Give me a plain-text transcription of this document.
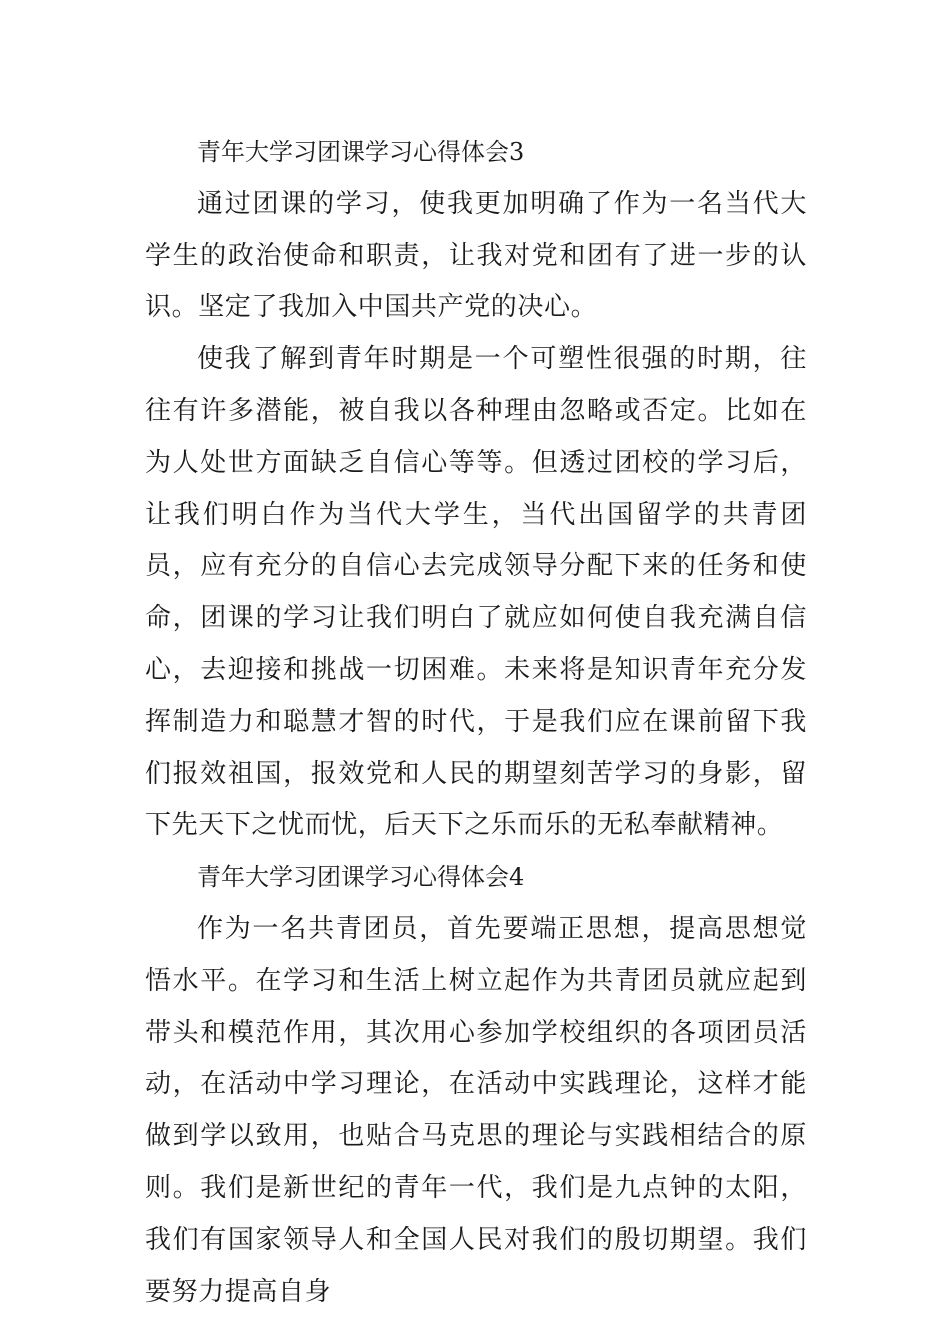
青年大学习团课学习心得体会3

通过团课的学习，使我更加明确了作为一名当代大学生的政治使命和职责，让我对党和团有了进一步的认识。坚定了我加入中国共产党的决心。

使我了解到青年时期是一个可塑性很强的时期，往往有许多潜能，被自我以各种理由忽略或否定。比如在为人处世方面缺乏自信心等等。但透过团校的学习后，让我们明白作为当代大学生，当代出国留学的共青团员，应有充分的自信心去完成领导分配下来的任务和使命，团课的学习让我们明白了就应如何使自我充满自信心，去迎接和挑战一切困难。未来将是知识青年充分发挥制造力和聪慧才智的时代，于是我们应在课前留下我们报效祖国，报效党和人民的期望刻苦学习的身影，留下先天下之忧而忧，后天下之乐而乐的无私奉献精神。

青年大学习团课学习心得体会4

作为一名共青团员，首先要端正思想，提高思想觉悟水平。在学习和生活上树立起作为共青团员就应起到带头和模范作用，其次用心参加学校组织的各项团员活动，在活动中学习理论，在活动中实践理论，这样才能做到学以致用，也贴合马克思的理论与实践相结合的原则。我们是新世纪的青年一代，我们是九点钟的太阳，我们有国家领导人和全国人民对我们的殷切期望。我们要努力提高自身
